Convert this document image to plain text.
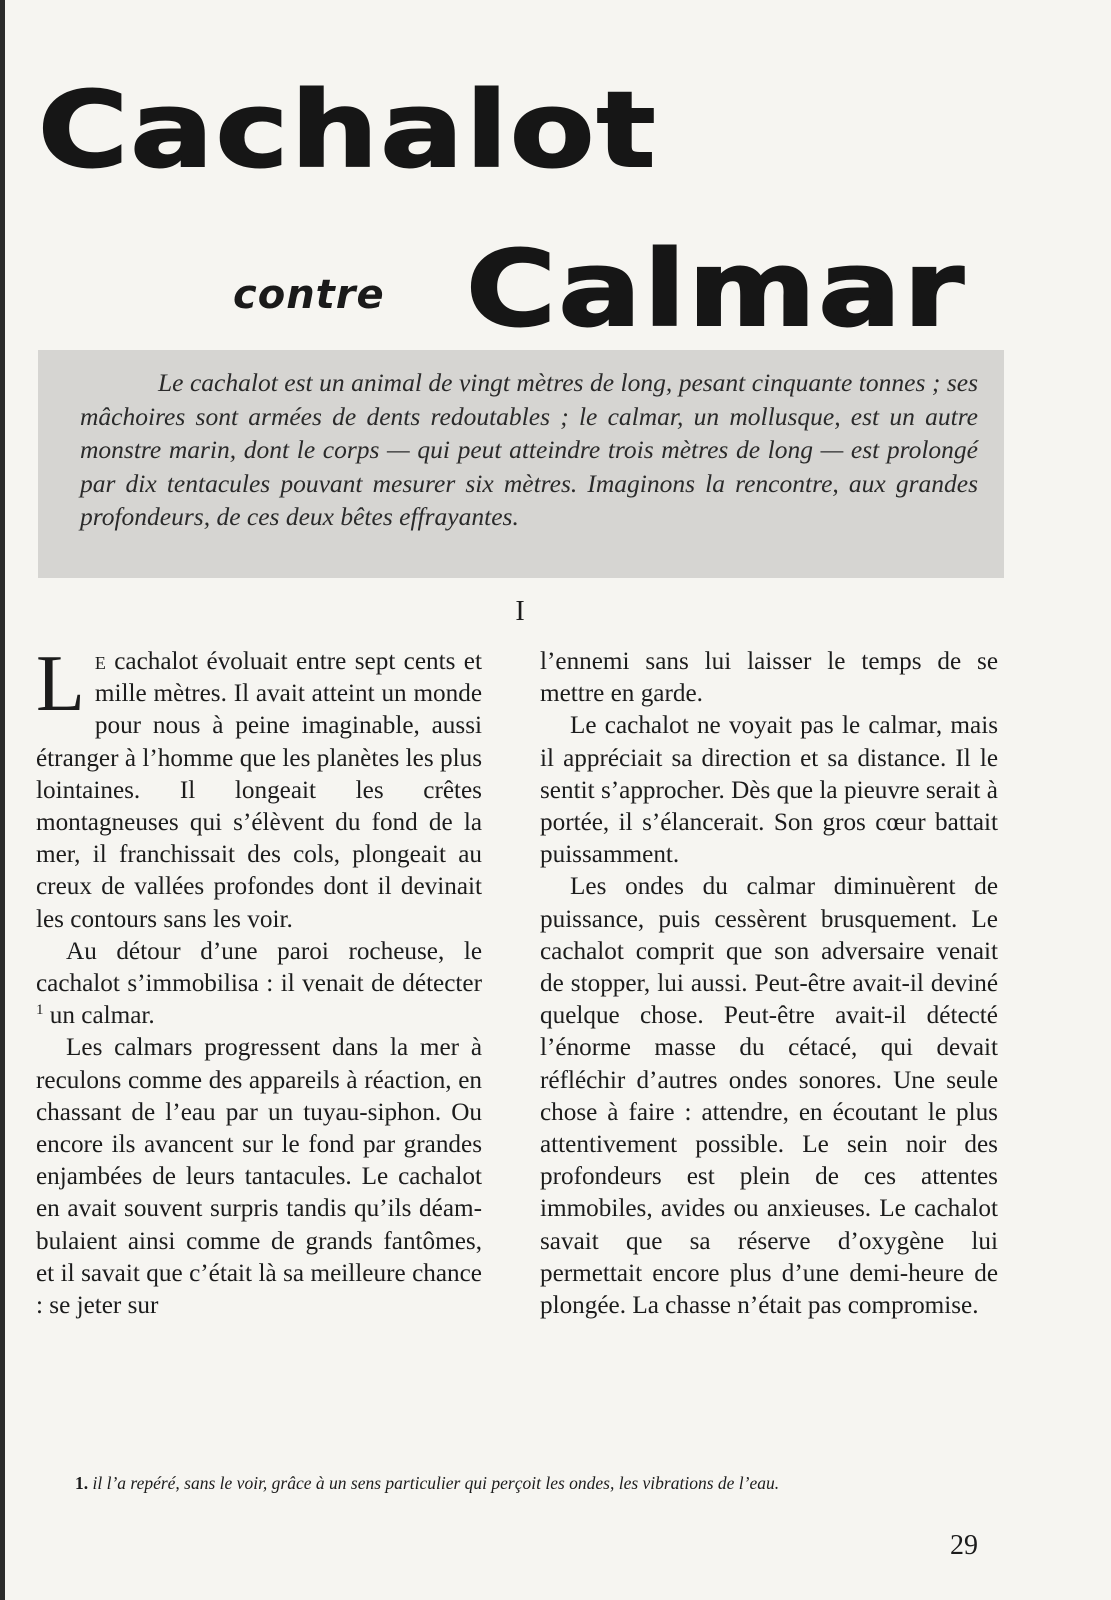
Cachalot
contre Calmar

Le cachalot est un animal de vingt mètres de long, pesant cinquante tonnes ; ses mâchoires sont armées de dents redoutables ; le calmar, un mollusque, est un autre monstre marin, dont le corps — qui peut atteindre trois mètres de long — est prolongé par dix tentacules pouvant mesurer six mètres. Imaginons la rencontre, aux grandes profondeurs, de ces deux bêtes effrayantes.

I

Le cachalot évoluait entre sept cents et mille mètres. Il avait atteint un monde pour nous à peine imaginable, aussi étranger à l’homme que les planètes les plus lointaines. Il longeait les crêtes montagneuses qui s’élèvent du fond de la mer, il franchissait des cols, plongeait au creux de vallées profondes dont il devinait les contours sans les voir.

Au détour d’une paroi rocheuse, le cachalot s’immobilisa : il venait de détecter $^1$ un calmar.

Les calmars progressent dans la mer à reculons comme des appareils à réaction, en chassant de l’eau par un tuyau-siphon. Ou encore ils avancent sur le fond par grandes enjambées de leurs tantacules. Le cachalot en avait souvent surpris tandis qu’ils déambulaient ainsi comme de grands fantômes, et il savait que c’était là sa meilleure chance : se jeter sur

l’ennemi sans lui laisser le temps de se mettre en garde.

Le cachalot ne voyait pas le calmar, mais il appréciait sa direction et sa distance. Il le sentit s’approcher. Dès que la pieuvre serait à portée, il s’élancerait. Son gros cœur battait puissamment.

Les ondes du calmar diminuèrent de puissance, puis cessèrent brusquement. Le cachalot comprit que son adversaire venait de stopper, lui aussi. Peut-être avait-il deviné quelque chose. Peut-être avait-il détecté l’énorme masse du cétacé, qui devait réfléchir d’autres ondes sonores. Une seule chose à faire : attendre, en écoutant le plus attentivement possible. Le sein noir des profondeurs est plein de ces attentes immobiles, avides ou anxieuses. Le cachalot savait que sa réserve d’oxygène lui permettait encore plus d’une demi-heure de plongée. La chasse n’était pas compromise.

1. il l’a repéré, sans le voir, grâce à un sens particulier qui perçoit les ondes, les vibrations de l’eau.
29
